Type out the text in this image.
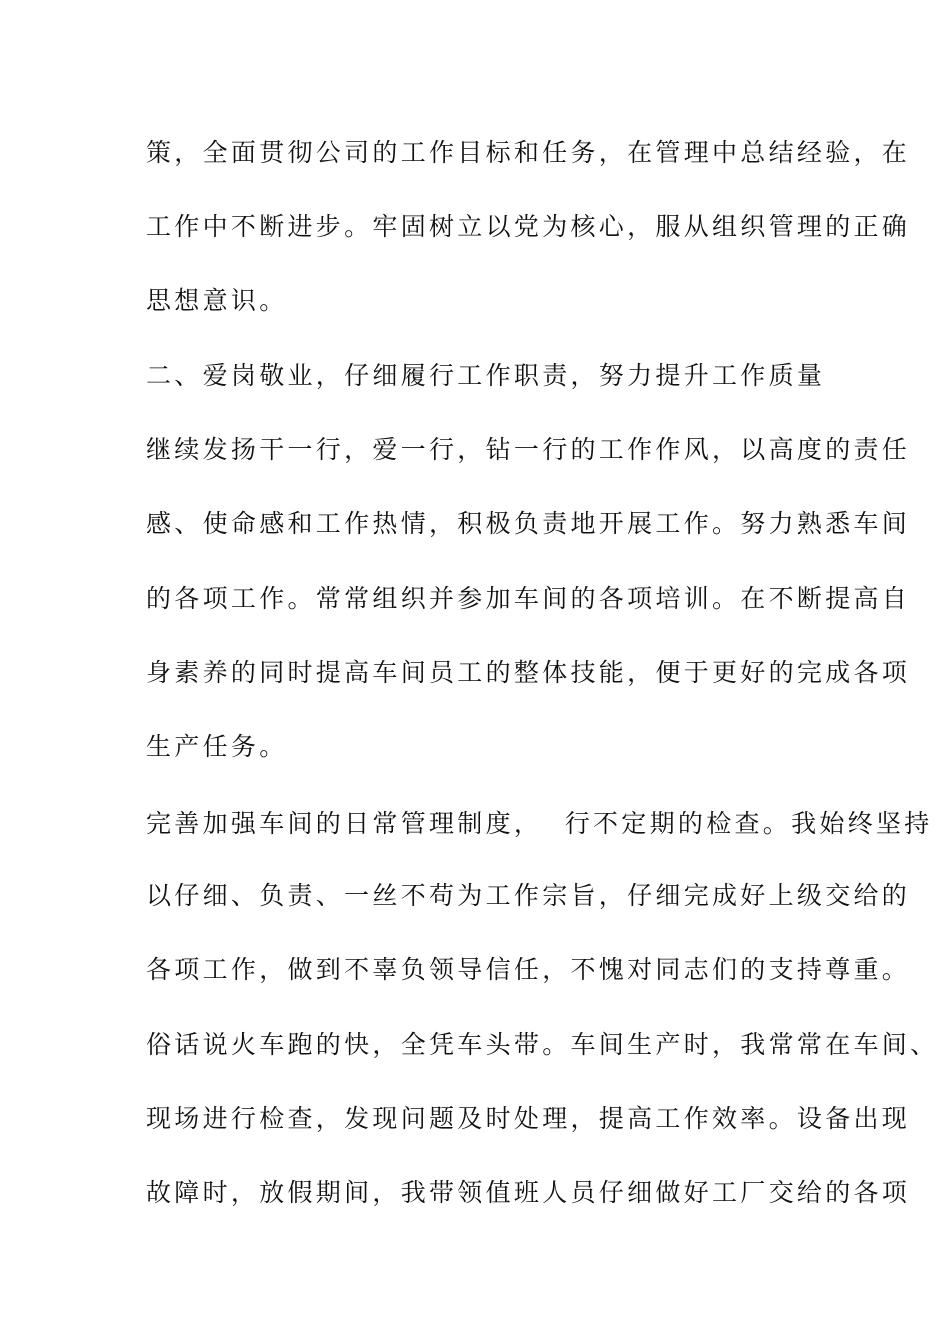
策，全面贯彻公司的工作目标和任务，在管理中总结经验，在
工作中不断进步。牢固树立以党为核心，服从组织管理的正确
思想意识。
二、爱岗敬业，仔细履行工作职责，努力提升工作质量
继续发扬干一行，爱一行，钻一行的工作作风，以高度的责任
感、使命感和工作热情，积极负责地开展工作。努力熟悉车间
的各项工作。常常组织并参加车间的各项培训。在不断提高自
身素养的同时提高车间员工的整体技能，便于更好的完成各项
生产任务。
完善加强车间的日常管理制度，  行不定期的检查。我始终坚持
以仔细、负责、一丝不苟为工作宗旨，仔细完成好上级交给的
各项工作，做到不辜负领导信任，不愧对同志们的支持尊重。
俗话说火车跑的快，全凭车头带。车间生产时，我常常在车间、
现场进行检查，发现问题及时处理，提高工作效率。设备出现
故障时，放假期间，我带领值班人员仔细做好工厂交给的各项
